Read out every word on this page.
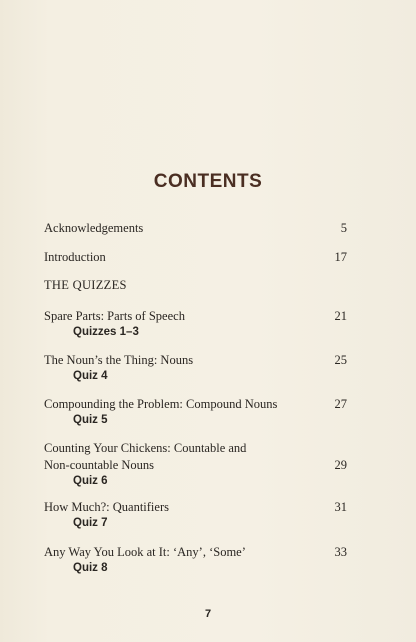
CONTENTS
Acknowledgements	5
Introduction	17
THE QUIZZES
Spare Parts: Parts of Speech
Quizzes 1–3
21
The Noun’s the Thing: Nouns
Quiz 4
25
Compounding the Problem: Compound Nouns
Quiz 5
27
Counting Your Chickens: Countable and Non-countable Nouns
Quiz 6
29
How Much?: Quantifiers
Quiz 7
31
Any Way You Look at It: ‘Any’, ‘Some’
Quiz 8
33
7
